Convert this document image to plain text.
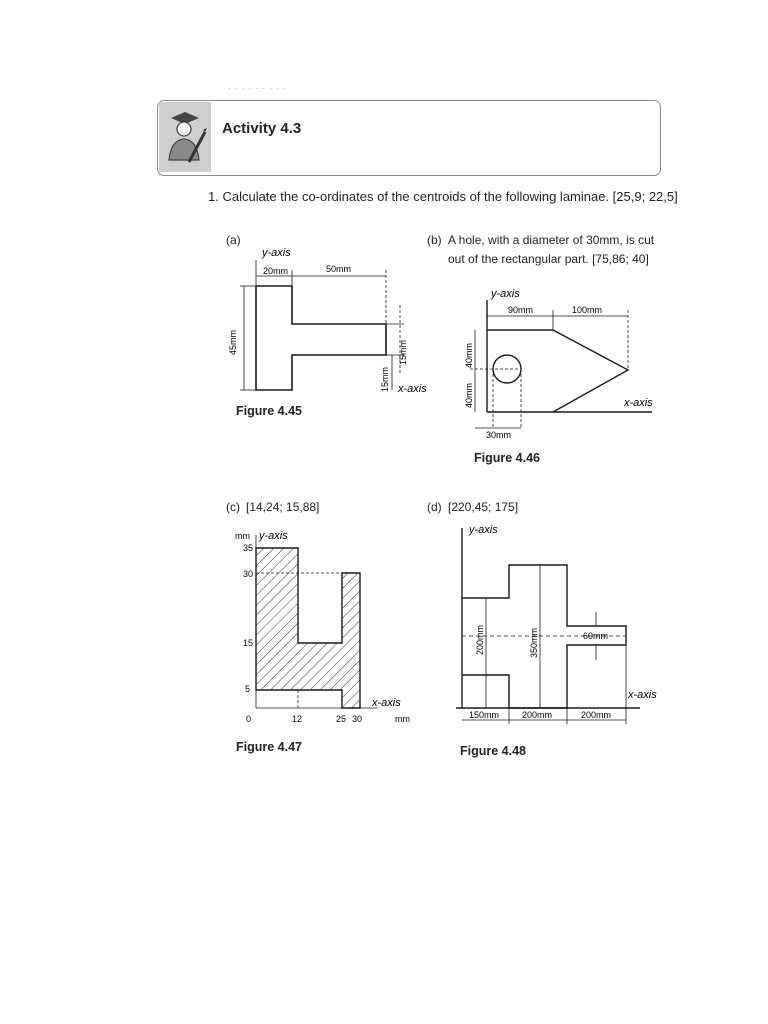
· · · · · · · · ·
Activity 4.3
1. Calculate the co-ordinates of the centroids of the following laminae. [25,9; 22,5]
(a)
y-axis
20mm	50mm
45mm	15mm
15mm x-axis
Figure 4.45
(b) A hole, with a diameter of 30mm, is cut
out of the rectangular part. [75,86; 40]
y-axis
90mm	100mm
40mm
40mm
30mm
x-axis
Figure 4.46
(c) [14,24; 15,88]
mm y-axis
35
30
15
5
0	12	25 30
x-axis
mm
Figure 4.47
(d) [220,45; 175]
y-axis
200mm	350mm	60mm
150mm	200mm	200mm
x-axis
Figure 4.48
